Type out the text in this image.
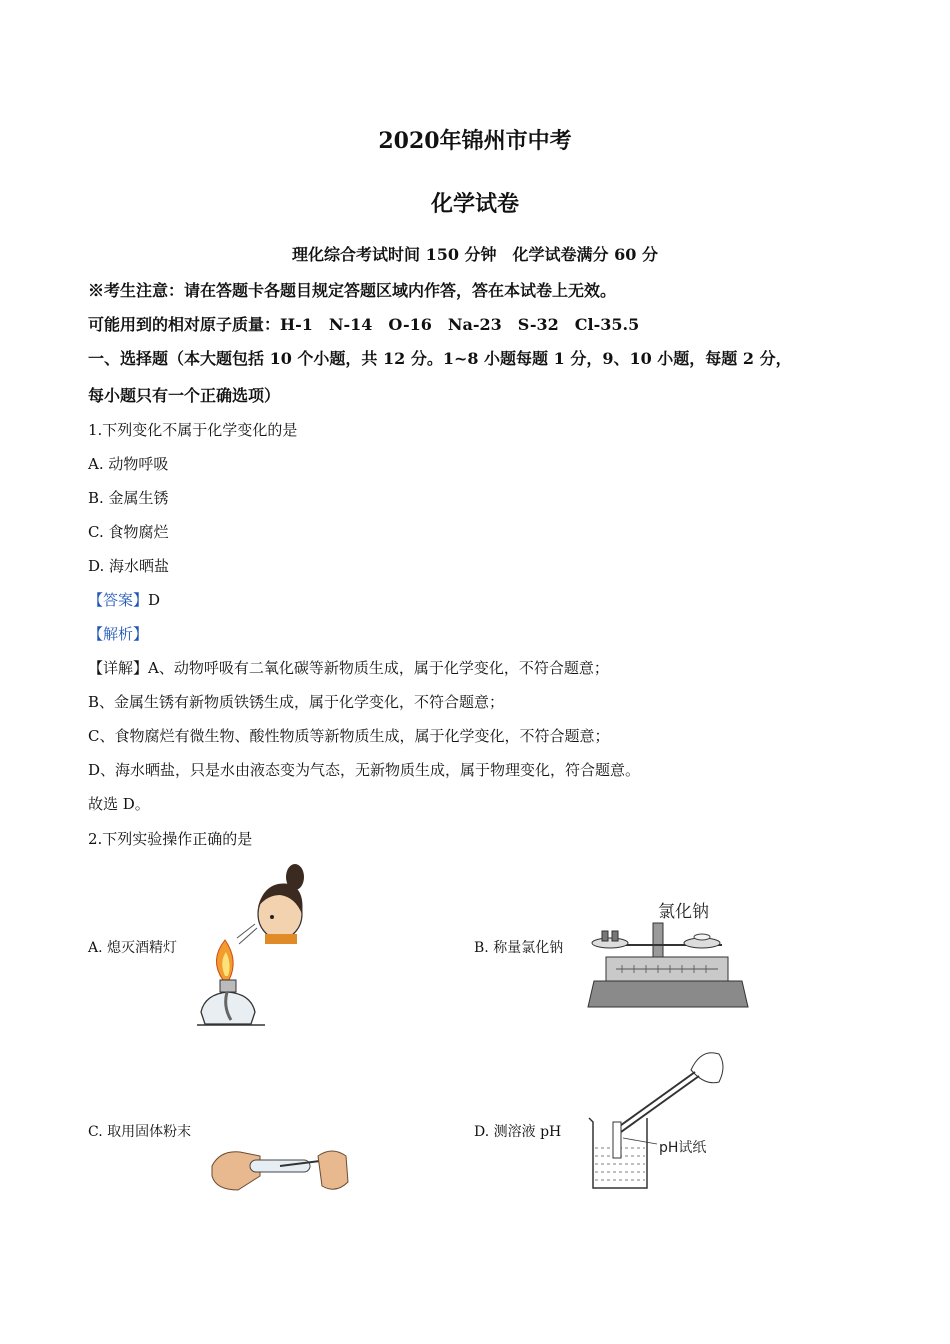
2020年锦州市中考
化学试卷
理化综合考试时间 150 分钟　化学试卷满分 60 分
※考生注意：请在答题卡各题目规定答题区域内作答，答在本试卷上无效。
可能用到的相对原子质量：H-1　N-14　O-16　Na-23　S-32　Cl-35.5
一、选择题（本大题包括 10 个小题，共 12 分。1~8 小题每题 1 分，9、10 小题，每题 2 分，
每小题只有一个正确选项）
1.下列变化不属于化学变化的是
A. 动物呼吸
B. 金属生锈
C. 食物腐烂
D. 海水晒盐
【答案】D
【解析】
【详解】A、动物呼吸有二氧化碳等新物质生成，属于化学变化，不符合题意；
B、金属生锈有新物质铁锈生成，属于化学变化，不符合题意；
C、食物腐烂有微生物、酸性物质等新物质生成，属于化学变化，不符合题意；
D、海水晒盐，只是水由液态变为气态，无新物质生成，属于物理变化，符合题意。
故选 D。
2.下列实验操作正确的是
A. 熄灭酒精灯	B. 称量氯化钠
C. 取用固体粉末	D. 测溶液 pH
氯化钠
pH试纸
